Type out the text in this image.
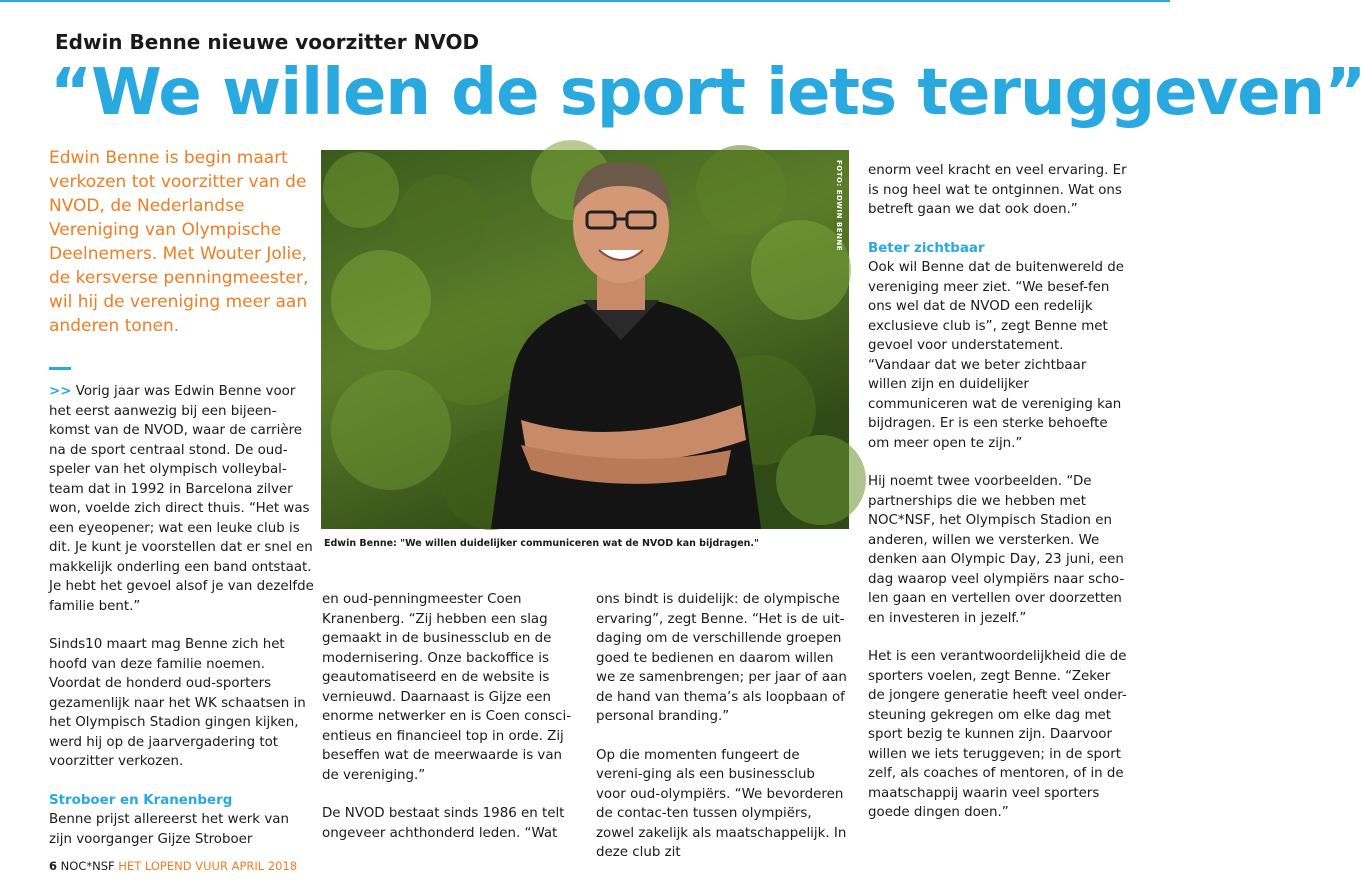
Edwin Benne nieuwe voorzitter NVOD
“We willen de sport iets teruggeven”

Edwin Benne is begin maart verkozen tot voorzitter van de NVOD, de Nederlandse Vereniging van Olympische Deelnemers. Met Wouter Jolie, de kersverse penningmeester, wil hij de vereniging meer aan anderen tonen.

>> Vorig jaar was Edwin Benne voor het eerst aanwezig bij een bijeen-komst van de NVOD, waar de carrière na de sport centraal stond. De oud-speler van het olympisch volleybal-team dat in 1992 in Barcelona zilver won, voelde zich direct thuis. “Het was een eyeopener; wat een leuke club is dit. Je kunt je voorstellen dat er snel en makkelijk onderling een band ontstaat. Je hebt het gevoel alsof je van dezelfde familie bent.”

Sinds10 maart mag Benne zich het hoofd van deze familie noemen. Voordat de honderd oud-sporters gezamenlijk naar het WK schaatsen in het Olympisch Stadion gingen kijken, werd hij op de jaarvergadering tot voorzitter verkozen.

Stroboer en Kranenberg

Benne prijst allereerst het werk van zijn voorganger Gijze Stroboer

FOTO: EDWIN BENNE
Edwin Benne: "We willen duidelijker communiceren wat de NVOD kan bijdragen."

en oud-penningmeester Coen Kranenberg. “Zij hebben een slag gemaakt in de businessclub en de modernisering. Onze backoffice is geautomatiseerd en de website is vernieuwd. Daarnaast is Gijze een enorme netwerker en is Coen consci-entieus en financieel top in orde. Zij beseffen wat de meerwaarde is van de vereniging.”

De NVOD bestaat sinds 1986 en telt ongeveer achthonderd leden. “Wat

ons bindt is duidelijk: de olympische ervaring”, zegt Benne. “Het is de uit-daging om de verschillende groepen goed te bedienen en daarom willen we ze samenbrengen; per jaar of aan de hand van thema’s als loopbaan of personal branding.”

Op die momenten fungeert de vereni-ging als een businessclub voor oud-olympiërs. “We bevorderen de contac-ten tussen olympiërs, zowel zakelijk als maatschappelijk. In deze club zit

enorm veel kracht en veel ervaring. Er is nog heel wat te ontginnen. Wat ons betreft gaan we dat ook doen.”

Beter zichtbaar

Ook wil Benne dat de buitenwereld de vereniging meer ziet. “We besef-fen ons wel dat de NVOD een redelijk exclusieve club is”, zegt Benne met gevoel voor understatement. “Vandaar dat we beter zichtbaar willen zijn en duidelijker communiceren wat de vereniging kan bijdragen. Er is een sterke behoefte om meer open te zijn.”

Hij noemt twee voorbeelden. “De partnerships die we hebben met NOC*NSF, het Olympisch Stadion en anderen, willen we versterken. We denken aan Olympic Day, 23 juni, een dag waarop veel olympiërs naar scho-len gaan en vertellen over doorzetten en investeren in jezelf.”

Het is een verantwoordelijkheid die de sporters voelen, zegt Benne. “Zeker de jongere generatie heeft veel onder-steuning gekregen om elke dag met sport bezig te kunnen zijn. Daarvoor willen we iets teruggeven; in de sport zelf, als coaches of mentoren, of in de maatschappij waarin veel sporters goede dingen doen.”

6 NOC*NSF HET LOPEND VUUR APRIL 2018
